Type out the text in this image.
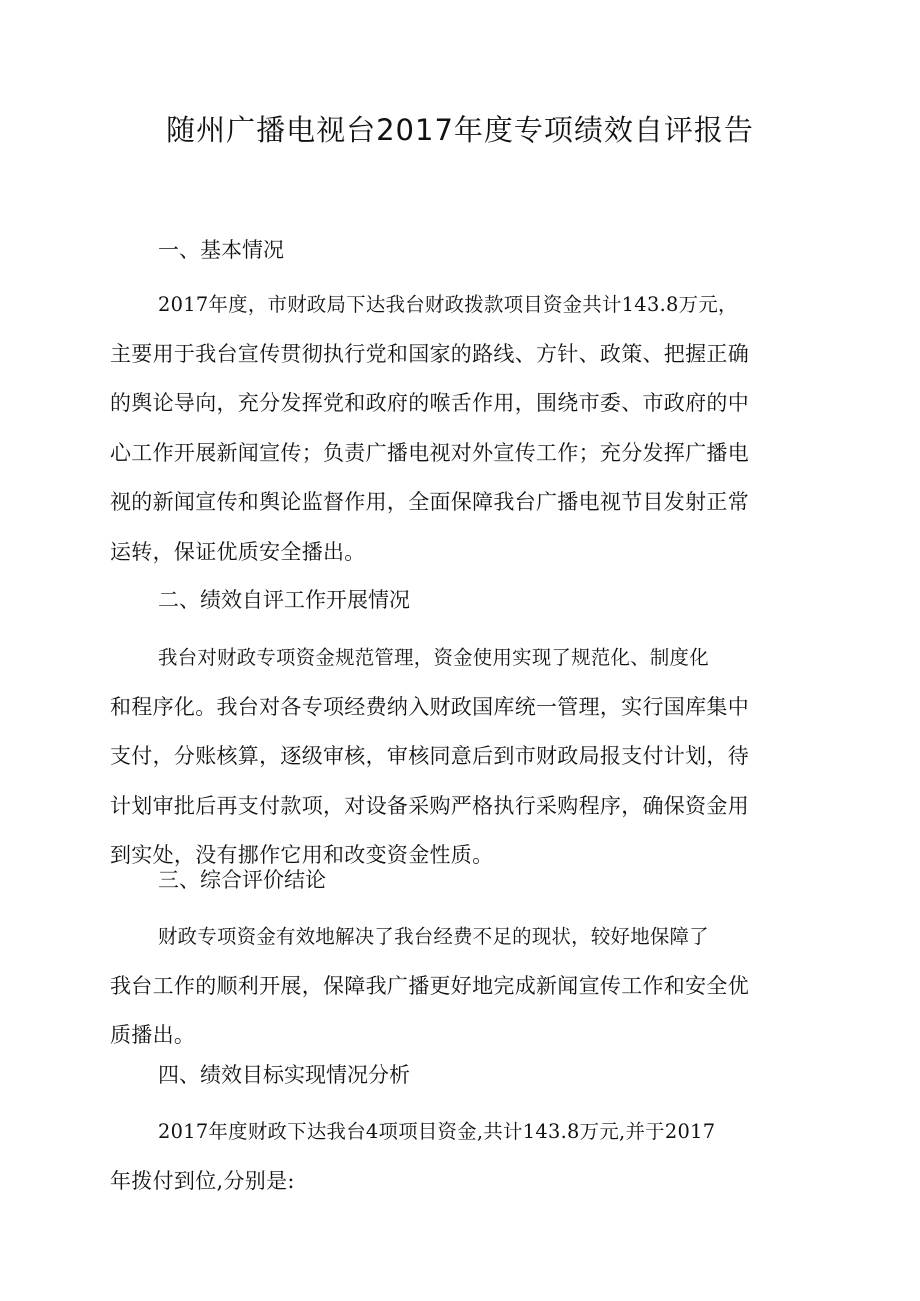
随州广播电视台2017年度专项绩效自评报告
一、基本情况
2017年度，市财政局下达我台财政拨款项目资金共计143.8万元，
主要用于我台宣传贯彻执行党和国家的路线、方针、政策、把握正确
的舆论导向，充分发挥党和政府的喉舌作用，围绕市委、市政府的中
心工作开展新闻宣传；负责广播电视对外宣传工作；充分发挥广播电
视的新闻宣传和舆论监督作用，全面保障我台广播电视节目发射正常
运转，保证优质安全播出。
二、绩效自评工作开展情况
我台对财政专项资金规范管理，资金使用实现了规范化、制度化
和程序化。我台对各专项经费纳入财政国库统一管理，实行国库集中
支付，分账核算，逐级审核，审核同意后到市财政局报支付计划，待
计划审批后再支付款项，对设备采购严格执行采购程序，确保资金用
到实处，没有挪作它用和改变资金性质。
三、综合评价结论
财政专项资金有效地解决了我台经费不足的现状，较好地保障了
我台工作的顺利开展，保障我广播更好地完成新闻宣传工作和安全优
质播出。
四、绩效目标实现情况分析
2017年度财政下达我台4项项目资金,共计143.8万元,并于2017
年拨付到位,分别是:
